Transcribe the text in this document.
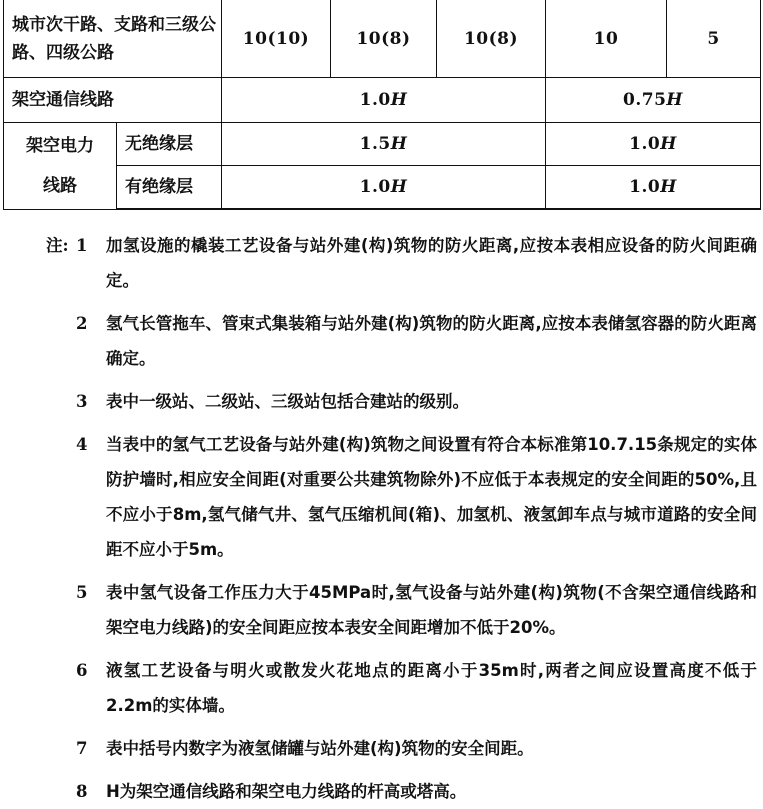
城市次干路、支路和三级公路、四级公路		10(10)	10(8)	10(8)	10	5
架空通信线路		1.0H			0.75H	
架空电力线路	无绝缘层	1.5H			1.0H	
	有绝缘层	1.0H			1.0H	

注: 1 加氢设施的橇装工艺设备与站外建(构)筑物的防火距离,应按本表相应设备的防火间距确定。

2 氢气长管拖车、管束式集装箱与站外建(构)筑物的防火距离,应按本表储氢容器的防火距离确定。

3 表中一级站、二级站、三级站包括合建站的级别。

4 当表中的氢气工艺设备与站外建(构)筑物之间设置有符合本标准第10.7.15条规定的实体防护墙时,相应安全间距(对重要公共建筑物除外)不应低于本表规定的安全间距的50%,且不应小于8m,氢气储气井、氢气压缩机间(箱)、加氢机、液氢卸车点与城市道路的安全间距不应小于5m。

5 表中氢气设备工作压力大于45MPa时,氢气设备与站外建(构)筑物(不含架空通信线路和架空电力线路)的安全间距应按本表安全间距增加不低于20%。

6 液氢工艺设备与明火或散发火花地点的距离小于35m时,两者之间应设置高度不低于2.2m的实体墙。

7 表中括号内数字为液氢储罐与站外建(构)筑物的安全间距。

8 H为架空通信线路和架空电力线路的杆高或塔高。
